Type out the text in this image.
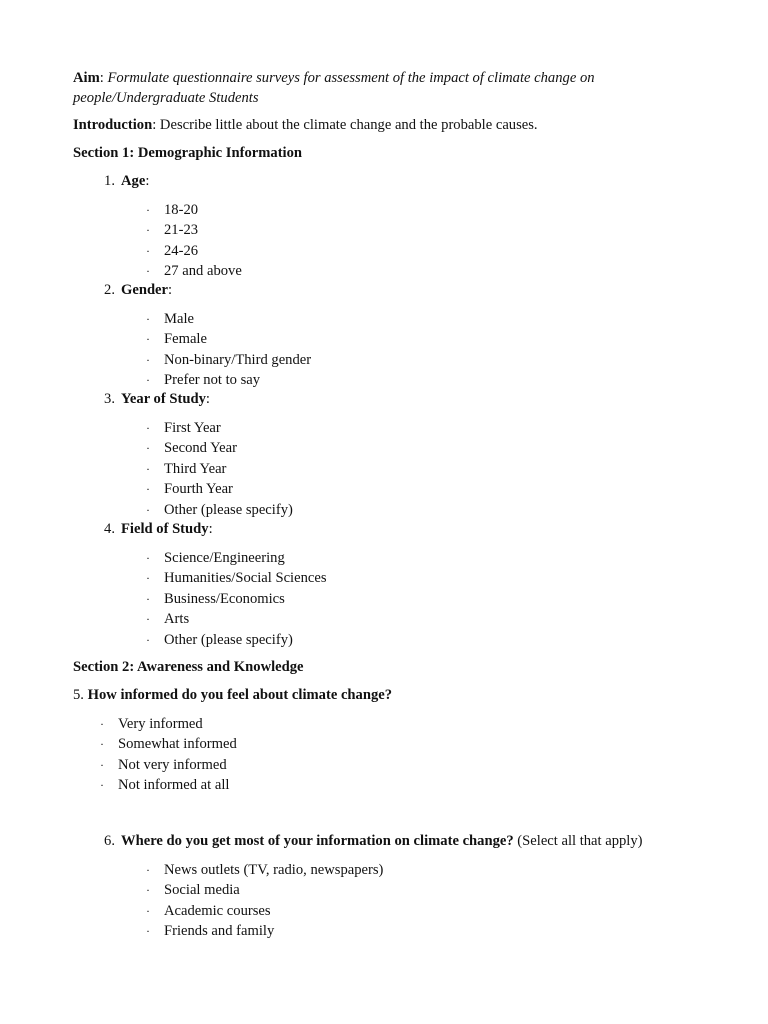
Aim: Formulate questionnaire surveys for assessment of the impact of climate change on people/Undergraduate Students
Introduction: Describe little about the climate change and the probable causes.
Section 1: Demographic Information
1. Age:
· 18-20
· 21-23
· 24-26
· 27 and above
2. Gender:
· Male
· Female
· Non-binary/Third gender
· Prefer not to say
3. Year of Study:
· First Year
· Second Year
· Third Year
· Fourth Year
· Other (please specify)
4. Field of Study:
· Science/Engineering
· Humanities/Social Sciences
· Business/Economics
· Arts
· Other (please specify)
Section 2: Awareness and Knowledge
5. How informed do you feel about climate change?
· Very informed
· Somewhat informed
· Not very informed
· Not informed at all
6. Where do you get most of your information on climate change? (Select all that apply)
· News outlets (TV, radio, newspapers)
· Social media
· Academic courses
· Friends and family
